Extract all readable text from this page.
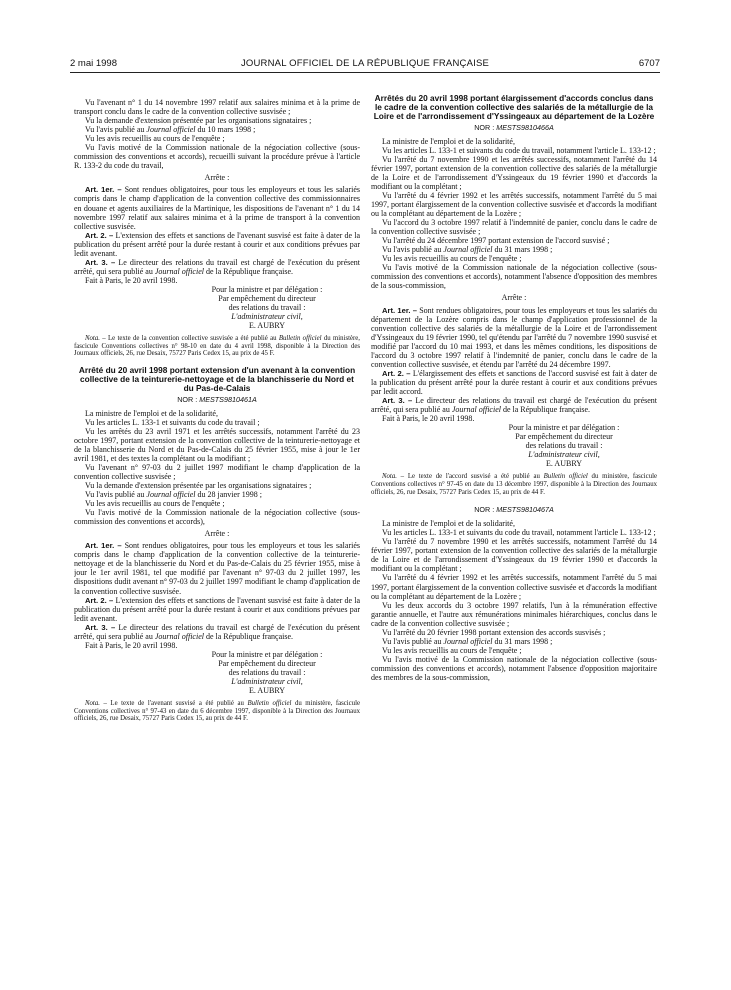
2 mai 1998	JOURNAL OFFICIEL DE LA RÉPUBLIQUE FRANÇAISE	6707

Vu l'avenant n° 1 du 14 novembre 1997 relatif aux salaires minima et à la prime de transport conclu dans le cadre de la convention collective susvisée ;

Vu la demande d'extension présentée par les organisations signataires ;

Vu l'avis publié au Journal officiel du 10 mars 1998 ;

Vu les avis recueillis au cours de l'enquête ;

Vu l'avis motivé de la Commission nationale de la négociation collective (sous-commission des conventions et accords), recueilli suivant la procédure prévue à l'article R. 133-2 du code du travail,

Arrête :

Art. 1er. – Sont rendues obligatoires, pour tous les employeurs et tous les salariés compris dans le champ d'application de la convention collective des commissionnaires en douane et agents auxiliaires de la Martinique, les dispositions de l'avenant n° 1 du 14 novembre 1997 relatif aux salaires minima et à la prime de transport à la convention collective susvisée.

Art. 2. – L'extension des effets et sanctions de l'avenant susvisé est faite à dater de la publication du présent arrêté pour la durée restant à courir et aux conditions prévues par ledit avenant.

Art. 3. – Le directeur des relations du travail est chargé de l'exécution du présent arrêté, qui sera publié au Journal officiel de la République française.

Fait à Paris, le 20 avril 1998.

Pour la ministre et par délégation :

Par empêchement du directeur

des relations du travail :

L'administrateur civil,

E. AUBRY

Nota. – Le texte de la convention collective susvisée a été publié au Bulletin officiel du ministère, fascicule Conventions collectives n° 98-10 en date du 4 avril 1998, disponible à la Direction des Journaux officiels, 26, rue Desaix, 75727 Paris Cedex 15, au prix de 45 F.

Arrêté du 20 avril 1998 portant extension d'un avenant à la convention collective de la teinturerie-nettoyage et de la blanchisserie du Nord et du Pas-de-Calais

NOR : MESTS9810461A

La ministre de l'emploi et de la solidarité,

Vu les articles L. 133-1 et suivants du code du travail ;

Vu les arrêtés du 23 avril 1971 et les arrêtés successifs, notamment l'arrêté du 23 octobre 1997, portant extension de la convention collective de la teinturerie-nettoyage et de la blanchisserie du Nord et du Pas-de-Calais du 25 février 1955, mise à jour le 1er avril 1981, et des textes la complétant ou la modifiant ;

Vu l'avenant n° 97-03 du 2 juillet 1997 modifiant le champ d'application de la convention collective susvisée ;

Vu la demande d'extension présentée par les organisations signataires ;

Vu l'avis publié au Journal officiel du 28 janvier 1998 ;

Vu les avis recueillis au cours de l'enquête ;

Vu l'avis motivé de la Commission nationale de la négociation collective (sous-commission des conventions et accords),

Arrête :

Art. 1er. – Sont rendues obligatoires, pour tous les employeurs et tous les salariés compris dans le champ d'application de la convention collective de la teinturerie-nettoyage et de la blanchisserie du Nord et du Pas-de-Calais du 25 février 1955, mise à jour le 1er avril 1981, tel que modifié par l'avenant n° 97-03 du 2 juillet 1997, les dispositions dudit avenant n° 97-03 du 2 juillet 1997 modifiant le champ d'application de la convention collective susvisée.

Art. 2. – L'extension des effets et sanctions de l'avenant susvisé est faite à dater de la publication du présent arrêté pour la durée restant à courir et aux conditions prévues par ledit avenant.

Art. 3. – Le directeur des relations du travail est chargé de l'exécution du présent arrêté, qui sera publié au Journal officiel de la République française.

Fait à Paris, le 20 avril 1998.

Pour la ministre et par délégation :

Par empêchement du directeur

des relations du travail :

L'administrateur civil,

E. AUBRY

Nota. – Le texte de l'avenant susvisé a été publié au Bulletin officiel du ministère, fascicule Conventions collectives n° 97-43 en date du 6 décembre 1997, disponible à la Direction des Journaux officiels, 26, rue Desaix, 75727 Paris Cedex 15, au prix de 44 F.

Arrêtés du 20 avril 1998 portant élargissement d'accords conclus dans le cadre de la convention collective des salariés de la métallurgie de la Loire et de l'arrondissement d'Yssingeaux au département de la Lozère

NOR : MESTS9810466A

La ministre de l'emploi et de la solidarité,

Vu les articles L. 133-1 et suivants du code du travail, notamment l'article L. 133-12 ;

Vu l'arrêté du 7 novembre 1990 et les arrêtés successifs, notamment l'arrêté du 14 février 1997, portant extension de la convention collective des salariés de la métallurgie de la Loire et de l'arrondissement d'Yssingeaux du 19 février 1990 et d'accords la modifiant ou la complétant ;

Vu l'arrêté du 4 février 1992 et les arrêtés successifs, notamment l'arrêté du 5 mai 1997, portant élargissement de la convention collective susvisée et d'accords la modifiant ou la complétant au département de la Lozère ;

Vu l'accord du 3 octobre 1997 relatif à l'indemnité de panier, conclu dans le cadre de la convention collective susvisée ;

Vu l'arrêté du 24 décembre 1997 portant extension de l'accord susvisé ;

Vu l'avis publié au Journal officiel du 31 mars 1998 ;

Vu les avis recueillis au cours de l'enquête ;

Vu l'avis motivé de la Commission nationale de la négociation collective (sous-commission des conventions et accords), notamment l'absence d'opposition des membres de la sous-commission,

Arrête :

Art. 1er. – Sont rendues obligatoires, pour tous les employeurs et tous les salariés du département de la Lozère compris dans le champ d'application professionnel de la convention collective des salariés de la métallurgie de la Loire et de l'arrondissement d'Yssingeaux du 19 février 1990, tel qu'étendu par l'arrêté du 7 novembre 1990 susvisé et modifié par l'accord du 10 mai 1993, et dans les mêmes conditions, les dispositions de l'accord du 3 octobre 1997 relatif à l'indemnité de panier, conclu dans le cadre de la convention collective susvisée, et étendu par l'arrêté du 24 décembre 1997.

Art. 2. – L'élargissement des effets et sanctions de l'accord susvisé est fait à dater de la publication du présent arrêté pour la durée restant à courir et aux conditions prévues par ledit accord.

Art. 3. – Le directeur des relations du travail est chargé de l'exécution du présent arrêté, qui sera publié au Journal officiel de la République française.

Fait à Paris, le 20 avril 1998.

Pour la ministre et par délégation :

Par empêchement du directeur

des relations du travail :

L'administrateur civil,

E. AUBRY

Nota. – Le texte de l'accord susvisé a été publié au Bulletin officiel du ministère, fascicule Conventions collectives n° 97-45 en date du 13 décembre 1997, disponible à la Direction des Journaux officiels, 26, rue Desaix, 75727 Paris Cedex 15, au prix de 44 F.

NOR : MESTS9810467A

La ministre de l'emploi et de la solidarité,

Vu les articles L. 133-1 et suivants du code du travail, notamment l'article L. 133-12 ;

Vu l'arrêté du 7 novembre 1990 et les arrêtés successifs, notamment l'arrêté du 14 février 1997, portant extension de la convention collective des salariés de la métallurgie de la Loire et de l'arrondissement d'Yssingeaux du 19 février 1990 et d'accords la modifiant ou la complétant ;

Vu l'arrêté du 4 février 1992 et les arrêtés successifs, notamment l'arrêté du 5 mai 1997, portant élargissement de la convention collective susvisée et d'accords la modifiant ou la complétant au département de la Lozère ;

Vu les deux accords du 3 octobre 1997 relatifs, l'un à la rémunération effective garantie annuelle, et l'autre aux rémunérations minimales hiérarchiques, conclus dans le cadre de la convention collective susvisée ;

Vu l'arrêté du 20 février 1998 portant extension des accords susvisés ;

Vu l'avis publié au Journal officiel du 31 mars 1998 ;

Vu les avis recueillis au cours de l'enquête ;

Vu l'avis motivé de la Commission nationale de la négociation collective (sous-commission des conventions et accords), notamment l'absence d'opposition majoritaire des membres de la sous-commission,
